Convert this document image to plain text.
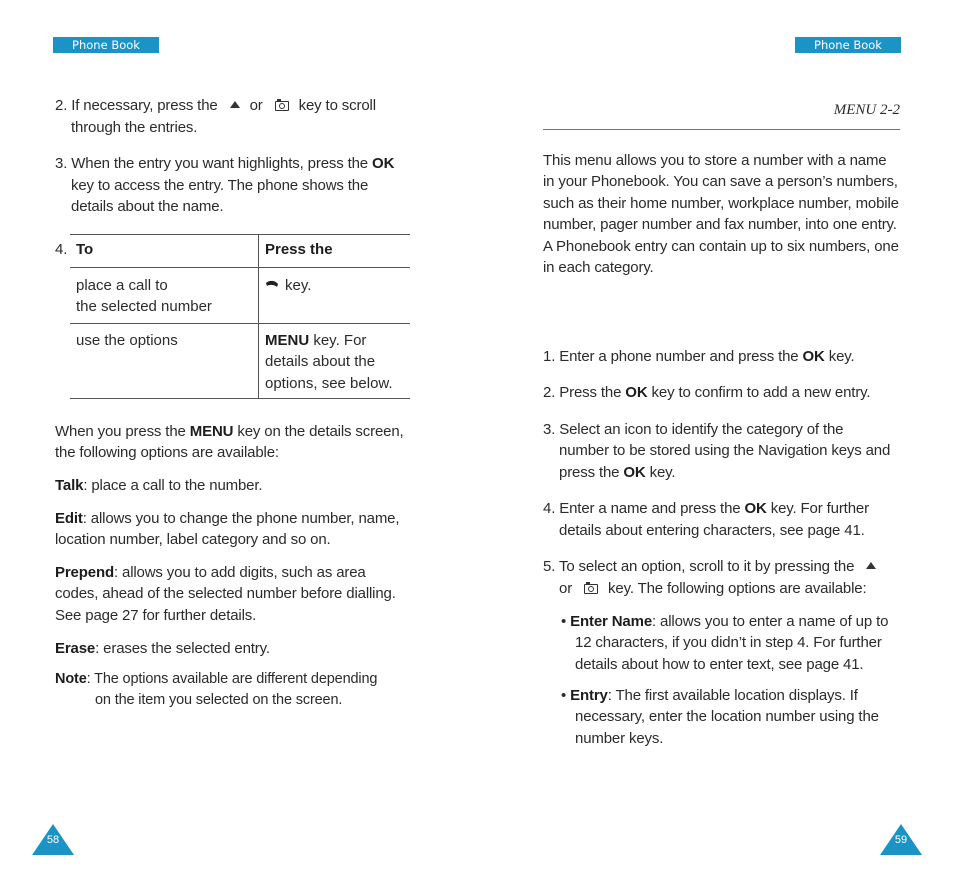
Phone Book	Phone Book
2. If necessary, press the or key to scroll
through the entries.
3. When the entry you want highlights, press the OK
key to access the entry. The phone shows the
details about the name.
4. To	Press the

place a call to
the selected number	key.

use the options	MENU key. For
details about the
options, see below.
When you press the MENU key on the details screen,
the following options are available:
Talk: place a call to the number.
Edit: allows you to change the phone number, name,
location number, label category and so on.
Prepend: allows you to add digits, such as area
codes, ahead of the selected number before dialling.
See page 27 for further details.
Erase: erases the selected entry.
Note: The options available are different depending
on the item you selected on the screen.
58
MENU 2-2
This menu allows you to store a number with a name
in your Phonebook. You can save a person’s numbers,
such as their home number, workplace number, mobile
number, pager number and fax number, into one entry.
A Phonebook entry can contain up to six numbers, one
in each category.
1. Enter a phone number and press the OK key.
2. Press the OK key to confirm to add a new entry.
3. Select an icon to identify the category of the
number to be stored using the Navigation keys and
press the OK key.
4. Enter a name and press the OK key. For further
details about entering characters, see page 41.
5. To select an option, scroll to it by pressing the
or key. The following options are available:
• Enter Name: allows you to enter a name of up to
12 characters, if you didn’t in step 4. For further
details about how to enter text, see page 41.
• Entry: The first available location displays. If
necessary, enter the location number using the
number keys.
59
